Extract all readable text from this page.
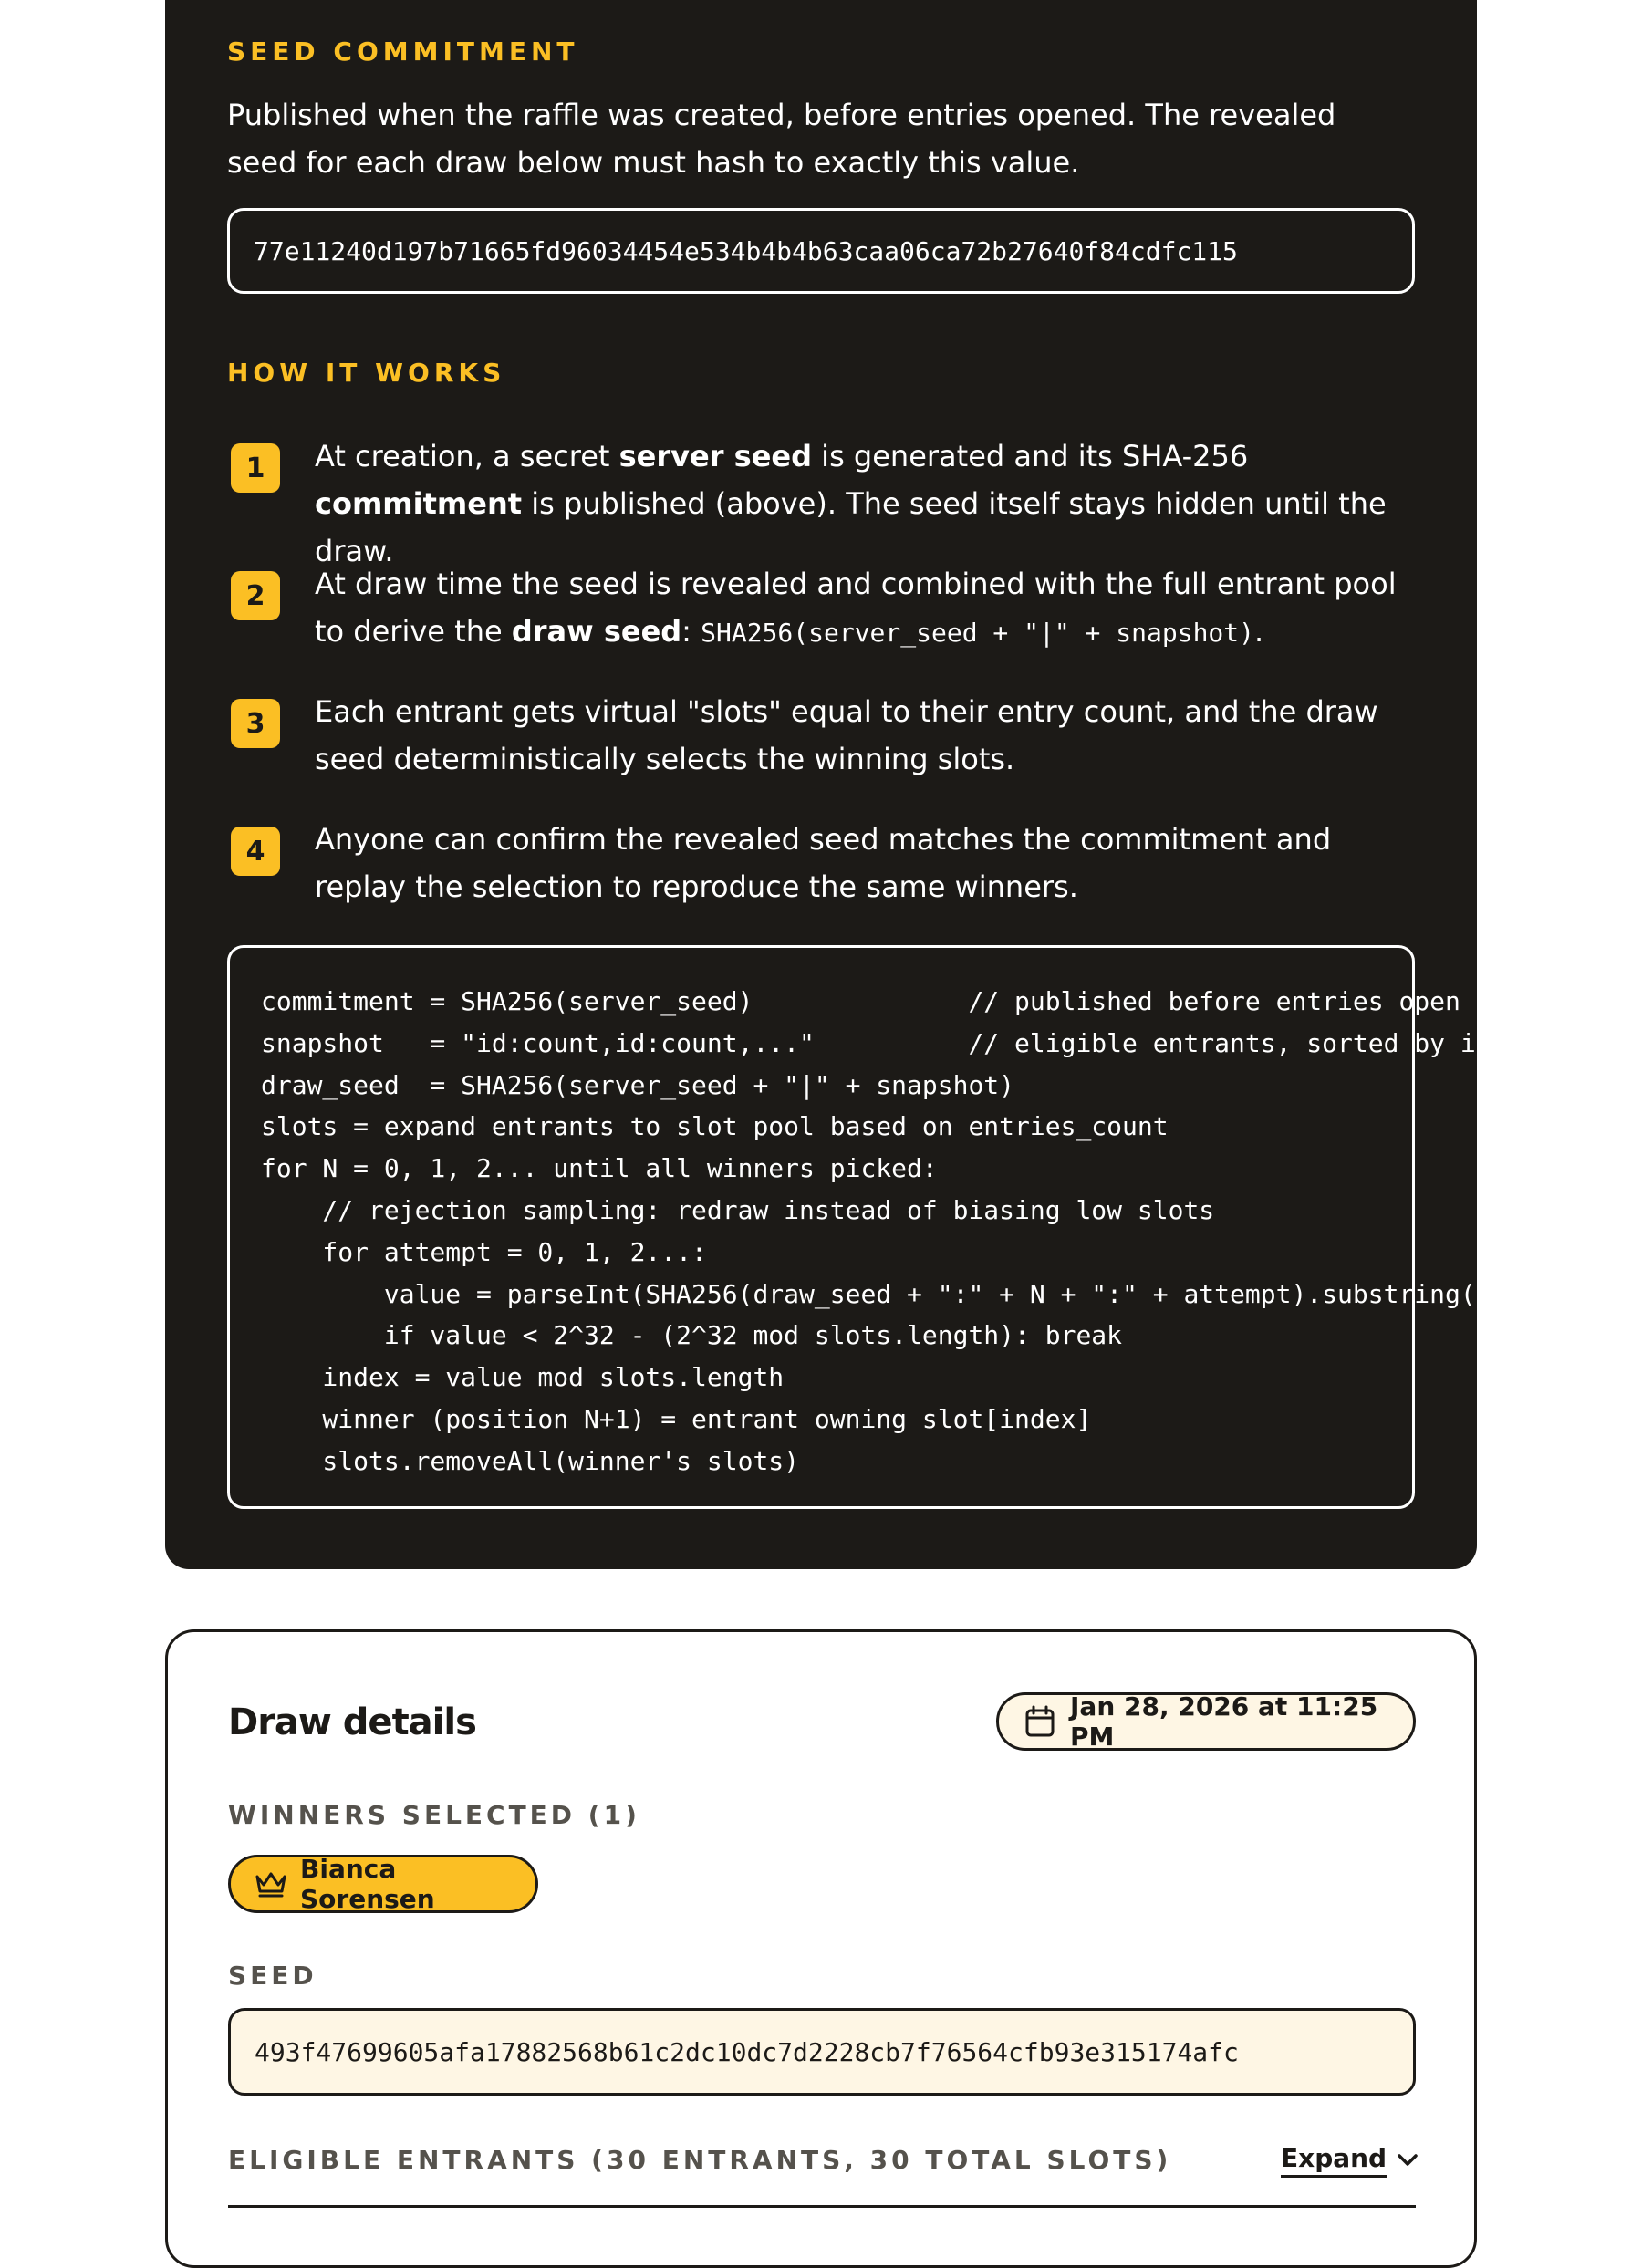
SEED COMMITMENT
Published when the raffle was created, before entries opened. The revealed seed for each draw below must hash to exactly this value.
77e11240d197b71665fd96034454e534b4b4b63caa06ca72b27640f84cdfc115
HOW IT WORKS
1	At creation, a secret server seed is generated and its SHA-256 commitment is published (above). The seed itself stays hidden until the draw.
2	At draw time the seed is revealed and combined with the full entrant pool to derive the draw seed: SHA256(server_seed + "|" + snapshot).
3	Each entrant gets virtual "slots" equal to their entry count, and the draw seed deterministically selects the winning slots.
4	Anyone can confirm the revealed seed matches the commitment and replay the selection to reproduce the same winners.
commitment = SHA256(server_seed)              // published before entries open
snapshot   = "id:count,id:count,..."          // eligible entrants, sorted by id
draw_seed  = SHA256(server_seed + "|" + snapshot)
slots = expand entrants to slot pool based on entries_count
for N = 0, 1, 2... until all winners picked:
// rejection sampling: redraw instead of biasing low slots
for attempt = 0, 1, 2...:
value = parseInt(SHA256(draw_seed + ":" + N + ":" + attempt).substring(0, 8), 16)
if value < 2^32 - (2^32 mod slots.length): break
index = value mod slots.length
winner (position N+1) = entrant owning slot[index]
slots.removeAll(winner's slots)
Draw details	Jan 28, 2026 at 11:25 PM
WINNERS SELECTED (1)
Bianca Sorensen
SEED
493f47699605afa17882568b61c2dc10dc7d2228cb7f76564cfb93e315174afc
ELIGIBLE ENTRANTS (30 ENTRANTS, 30 TOTAL SLOTS)	Expand
